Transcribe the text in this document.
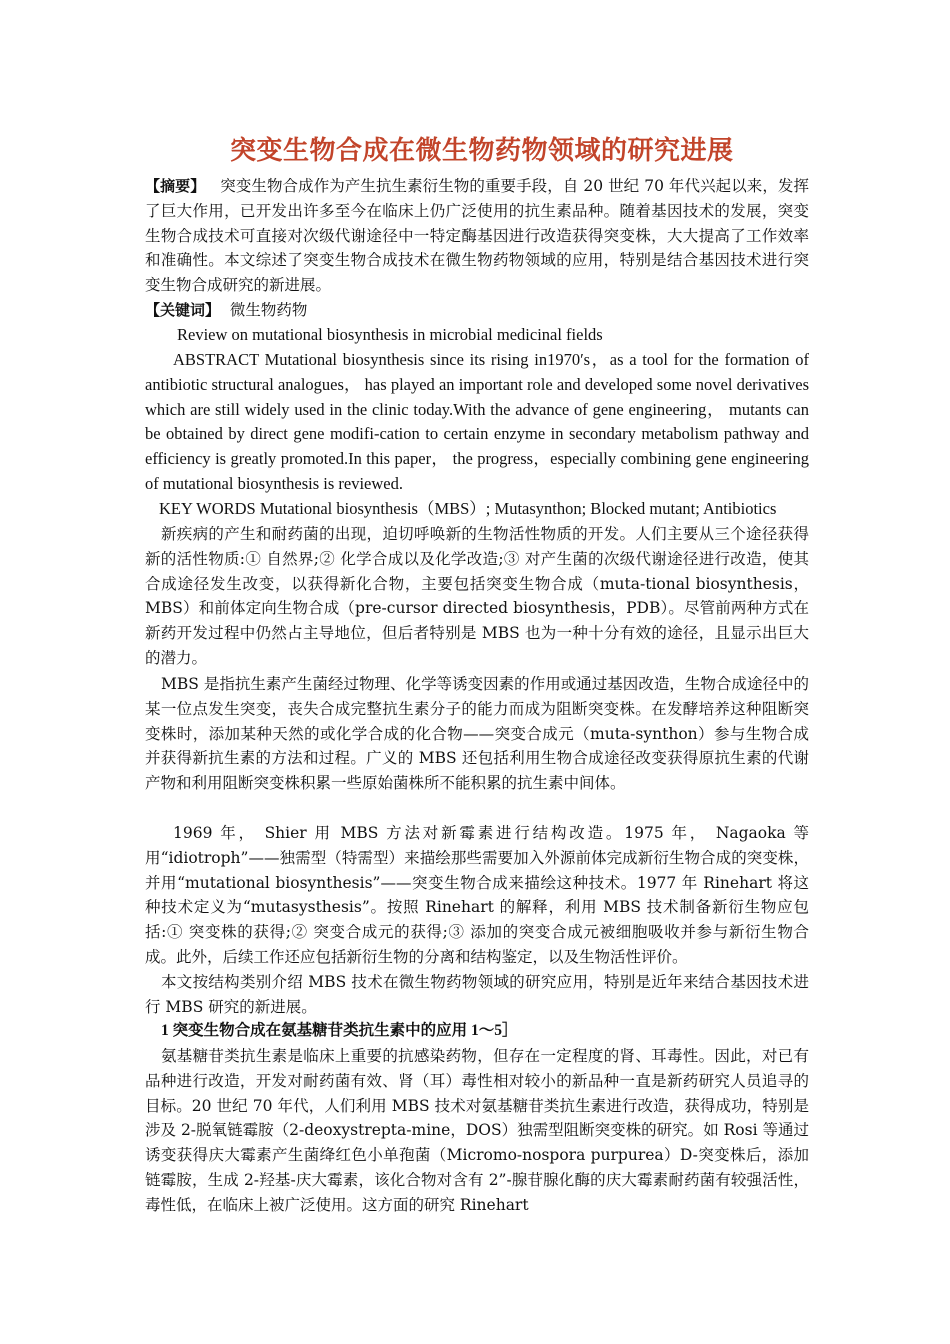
突变生物合成在微生物药物领域的研究进展
【摘要】 突变生物合成作为产生抗生素衍生物的重要手段，自 20 世纪 70 年代兴起以来，发挥了巨大作用，已开发出许多至今在临床上仍广泛使用的抗生素品种。随着基因技术的发展，突变生物合成技术可直接对次级代谢途径中一特定酶基因进行改造获得突变株，大大提高了工作效率和准确性。本文综述了突变生物合成技术在微生物药物领域的应用，特别是结合基因技术进行突变生物合成研究的新进展。
【关键词】 微生物药物
Review on mutational biosynthesis in microbial medicinal fields
ABSTRACT Mutational biosynthesis since its rising in1970′s，as a tool for the formation of antibiotic structural analogues， has played an important role and developed some novel derivatives which are still widely used in the clinic today.With the advance of gene engineering， mutants can be obtained by direct gene modifi-cation to certain enzyme in secondary metabolism pathway and efficiency is greatly promoted.In this paper， the progress，especially combining gene engineering of mutational biosynthesis is reviewed.
KEY WORDS Mutational biosynthesis（MBS）; Mutasynthon; Blocked mutant; Antibiotics
新疾病的产生和耐药菌的出现，迫切呼唤新的生物活性物质的开发。人们主要从三个途径获得新的活性物质:① 自然界;② 化学合成以及化学改造;③ 对产生菌的次级代谢途径进行改造，使其合成途径发生改变，以获得新化合物，主要包括突变生物合成（muta-tional biosynthesis，MBS）和前体定向生物合成（pre-cursor directed biosynthesis，PDB）。尽管前两种方式在新药开发过程中仍然占主导地位，但后者特别是 MBS 也为一种十分有效的途径，且显示出巨大的潜力。
MBS 是指抗生素产生菌经过物理、化学等诱变因素的作用或通过基因改造，生物合成途径中的某一位点发生突变，丧失合成完整抗生素分子的能力而成为阻断突变株。在发酵培养这种阻断突变株时，添加某种天然的或化学合成的化合物——突变合成元（muta-synthon）参与生物合成并获得新抗生素的方法和过程。广义的 MBS 还包括利用生物合成途径改变获得原抗生素的代谢产物和利用阻断突变株积累一些原始菌株所不能积累的抗生素中间体。
1969 年， Shier 用 MBS 方法对新霉素进行结构改造。1975 年， Nagaoka 等用“idiotroph”——独需型（特需型）来描绘那些需要加入外源前体完成新衍生物合成的突变株，并用“mutational biosynthesis”——突变生物合成来描绘这种技术。1977 年 Rinehart 将这种技术定义为“mutasysthesis”。按照 Rinehart 的解释，利用 MBS 技术制备新衍生物应包括:① 突变株的获得;② 突变合成元的获得;③ 添加的突变合成元被细胞吸收并参与新衍生物合成。此外，后续工作还应包括新衍生物的分离和结构鉴定，以及生物活性评价。
本文按结构类别介绍 MBS 技术在微生物药物领域的研究应用，特别是近年来结合基因技术进行 MBS 研究的新进展。
1 突变生物合成在氨基糖苷类抗生素中的应用 1～5］
氨基糖苷类抗生素是临床上重要的抗感染药物，但存在一定程度的肾、耳毒性。因此，对已有品种进行改造，开发对耐药菌有效、肾（耳）毒性相对较小的新品种一直是新药研究人员追寻的目标。20 世纪 70 年代，人们利用 MBS 技术对氨基糖苷类抗生素进行改造，获得成功，特别是涉及 2-脱氧链霉胺（2-deoxystrepta-mine，DOS）独需型阻断突变株的研究。如 Rosi 等通过诱变获得庆大霉素产生菌绛红色小单孢菌（Micromo-nospora purpurea）D-突变株后，添加链霉胺，生成 2-羟基-庆大霉素，该化合物对含有 2”-腺苷腺化酶的庆大霉素耐药菌有较强活性，毒性低，在临床上被广泛使用。这方面的研究 Rinehart
